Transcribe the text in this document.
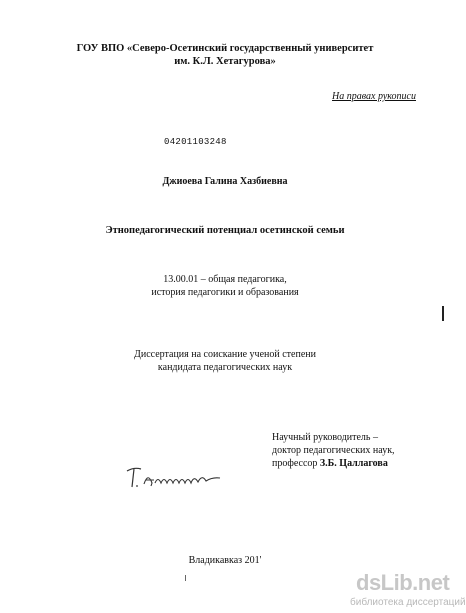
ГОУ ВПО «Северо-Осетинский государственный университет
им. К.Л. Хетагурова»
На правах рукописи
04201103248
Джиоева Галина Хазбиевна
Этнопедагогический потенциал осетинской семьи
13.00.01 – общая педагогика,
история педагогики и образования
Диссертация на соискание ученой степени
кандидата педагогических наук
Научный руководитель –
доктор педагогических наук,
профессор З.Б. Цаллагова
Владикавказ 201'
dsLib.net
библиотека диссертаций
